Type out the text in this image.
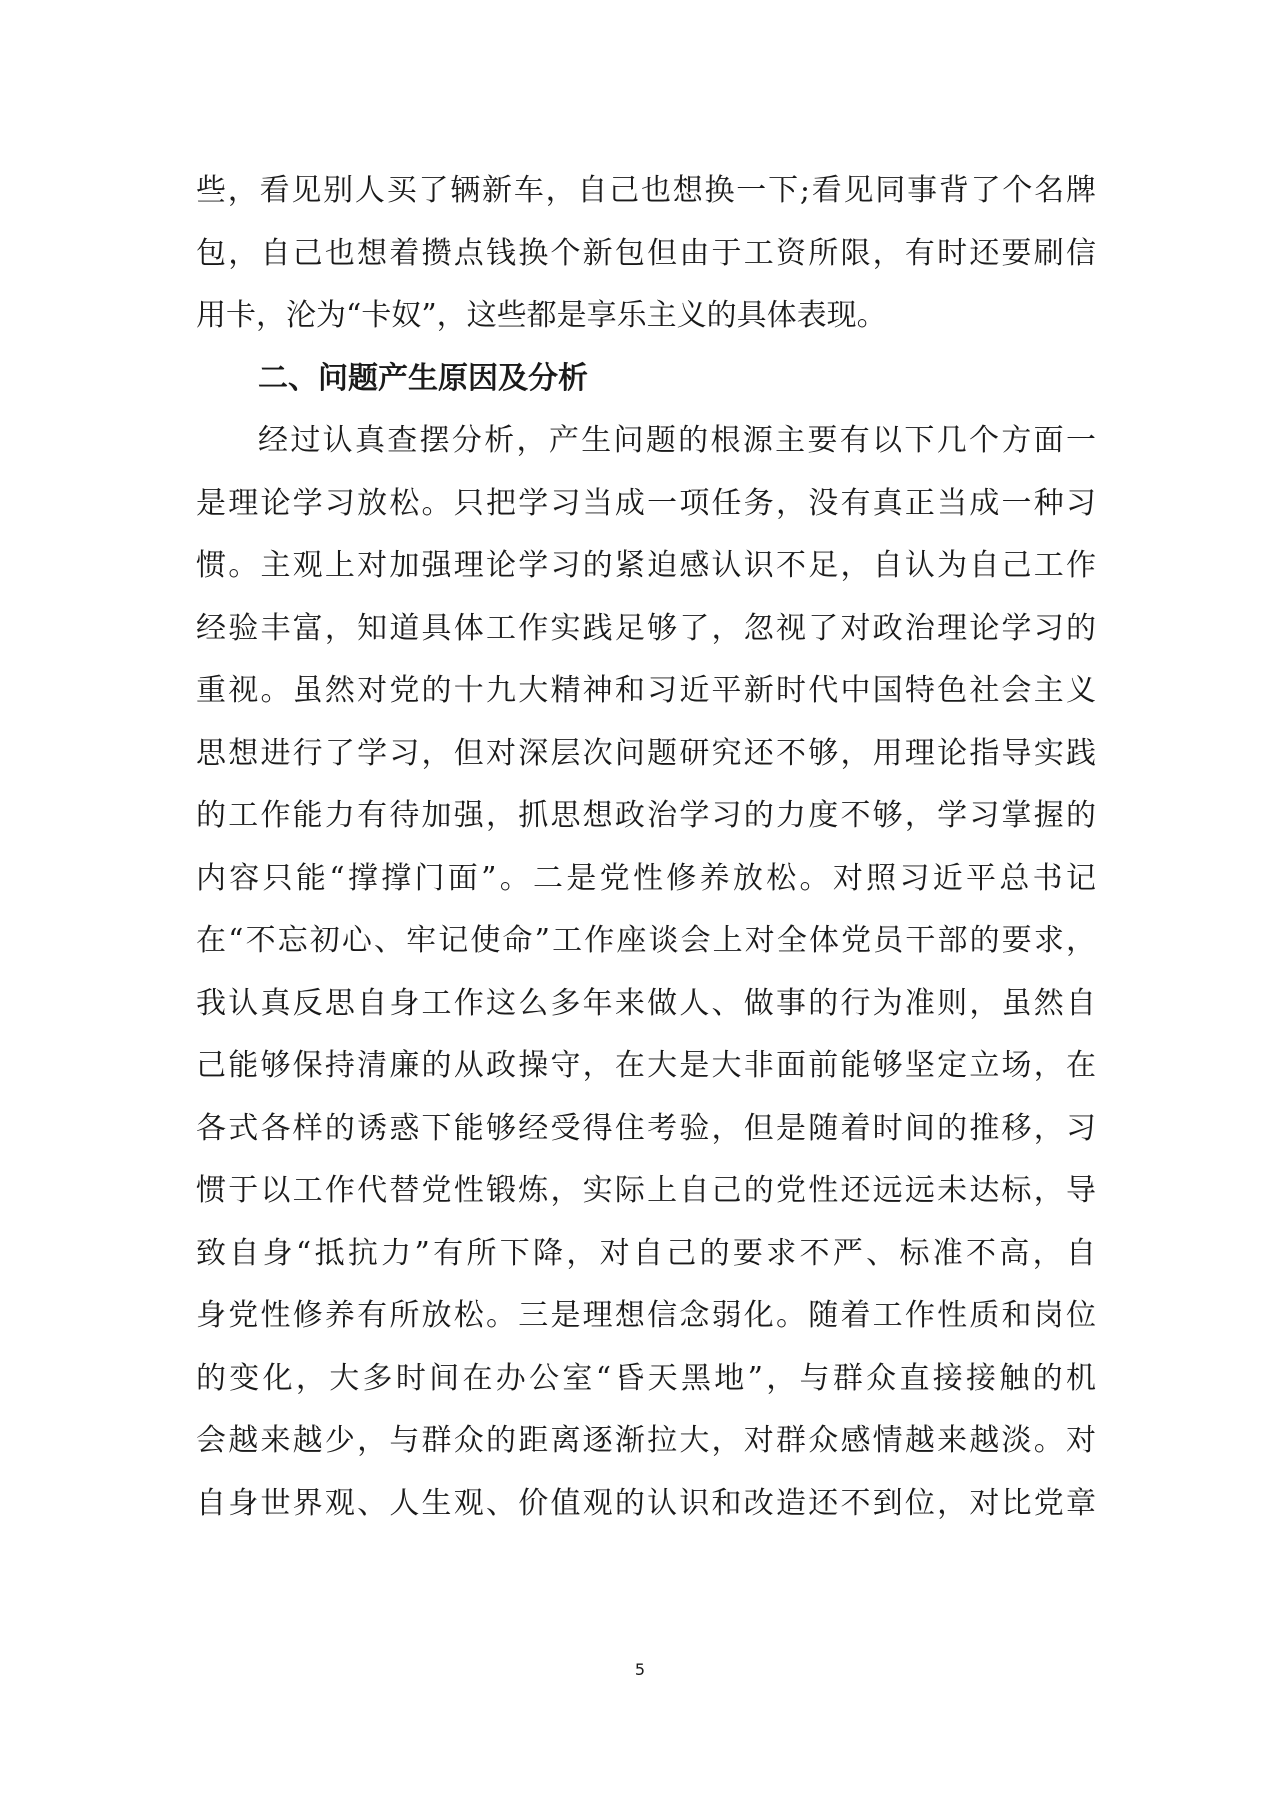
些，看见别人买了辆新车，自己也想换一下;看见同事背了个名牌
包，自己也想着攒点钱换个新包但由于工资所限，有时还要刷信
用卡，沦为“卡奴”，这些都是享乐主义的具体表现。
二、问题产生原因及分析
经过认真查摆分析，产生问题的根源主要有以下几个方面一
是理论学习放松。只把学习当成一项任务，没有真正当成一种习
惯。主观上对加强理论学习的紧迫感认识不足，自认为自己工作
经验丰富，知道具体工作实践足够了，忽视了对政治理论学习的
重视。虽然对党的十九大精神和习近平新时代中国特色社会主义
思想进行了学习，但对深层次问题研究还不够，用理论指导实践
的工作能力有待加强，抓思想政治学习的力度不够，学习掌握的
内容只能“撑撑门面”。二是党性修养放松。对照习近平总书记
在“不忘初心、牢记使命”工作座谈会上对全体党员干部的要求，
我认真反思自身工作这么多年来做人、做事的行为准则，虽然自
己能够保持清廉的从政操守，在大是大非面前能够坚定立场，在
各式各样的诱惑下能够经受得住考验，但是随着时间的推移，习
惯于以工作代替党性锻炼，实际上自己的党性还远远未达标，导
致自身“抵抗力”有所下降，对自己的要求不严、标准不高，自
身党性修养有所放松。三是理想信念弱化。随着工作性质和岗位
的变化，大多时间在办公室“昏天黑地”，与群众直接接触的机
会越来越少，与群众的距离逐渐拉大，对群众感情越来越淡。对
自身世界观、人生观、价值观的认识和改造还不到位，对比党章
5
